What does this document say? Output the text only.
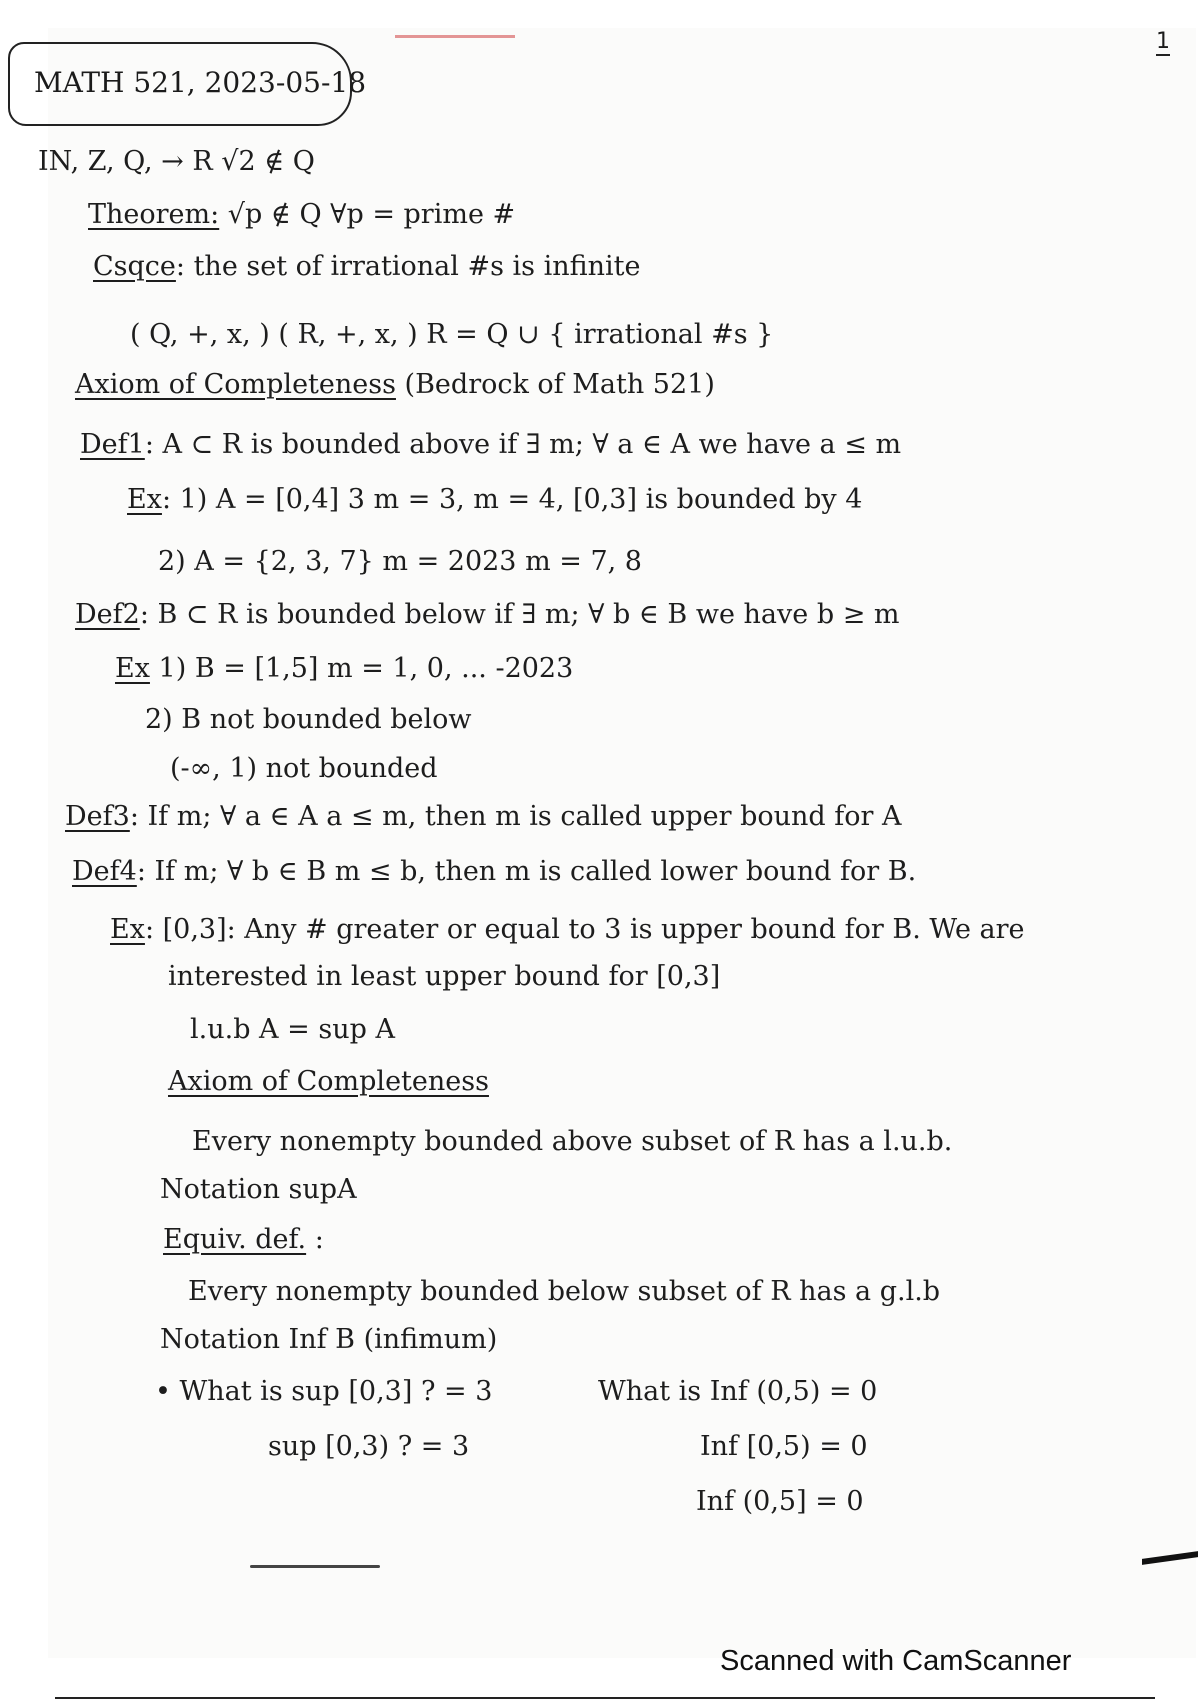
MATH 521, 2023-05-18
1
IN, Z, Q, → R √2 ∉ Q
Theorem: √p ∉ Q ∀p = prime #
Csqce: the set of irrational #s is infinite
( Q, +, x, ) ( R, +, x, ) R = Q ∪ { irrational #s }
Axiom of Completeness (Bedrock of Math 521)
Def1: A ⊂ R is bounded above if ∃ m; ∀ a ∈ A we have a ≤ m
Ex: 1) A = [0,4] 3 m = 3, m = 4, [0,3] is bounded by 4
2) A = {2, 3, 7} m = 2023 m = 7, 8
Def2: B ⊂ R is bounded below if ∃ m; ∀ b ∈ B we have b ≥ m
Ex 1) B = [1,5] m = 1, 0, ... -2023
2) B not bounded below
(-∞, 1) not bounded
Def3: If m; ∀ a ∈ A a ≤ m, then m is called upper bound for A
Def4: If m; ∀ b ∈ B m ≤ b, then m is called lower bound for B.
Ex: [0,3]: Any # greater or equal to 3 is upper bound for B. We are
interested in least upper bound for [0,3]
l.u.b A = sup A
Axiom of Completeness
Every nonempty bounded above subset of R has a l.u.b.
Notation supA
Equiv. def. :
Every nonempty bounded below subset of R has a g.l.b
Notation Inf B (infimum)
• What is sup [0,3] ? = 3	What is Inf (0,5) = 0
sup [0,3) ? = 3	Inf [0,5) = 0
Inf (0,5] = 0
Scanned with CamScanner
